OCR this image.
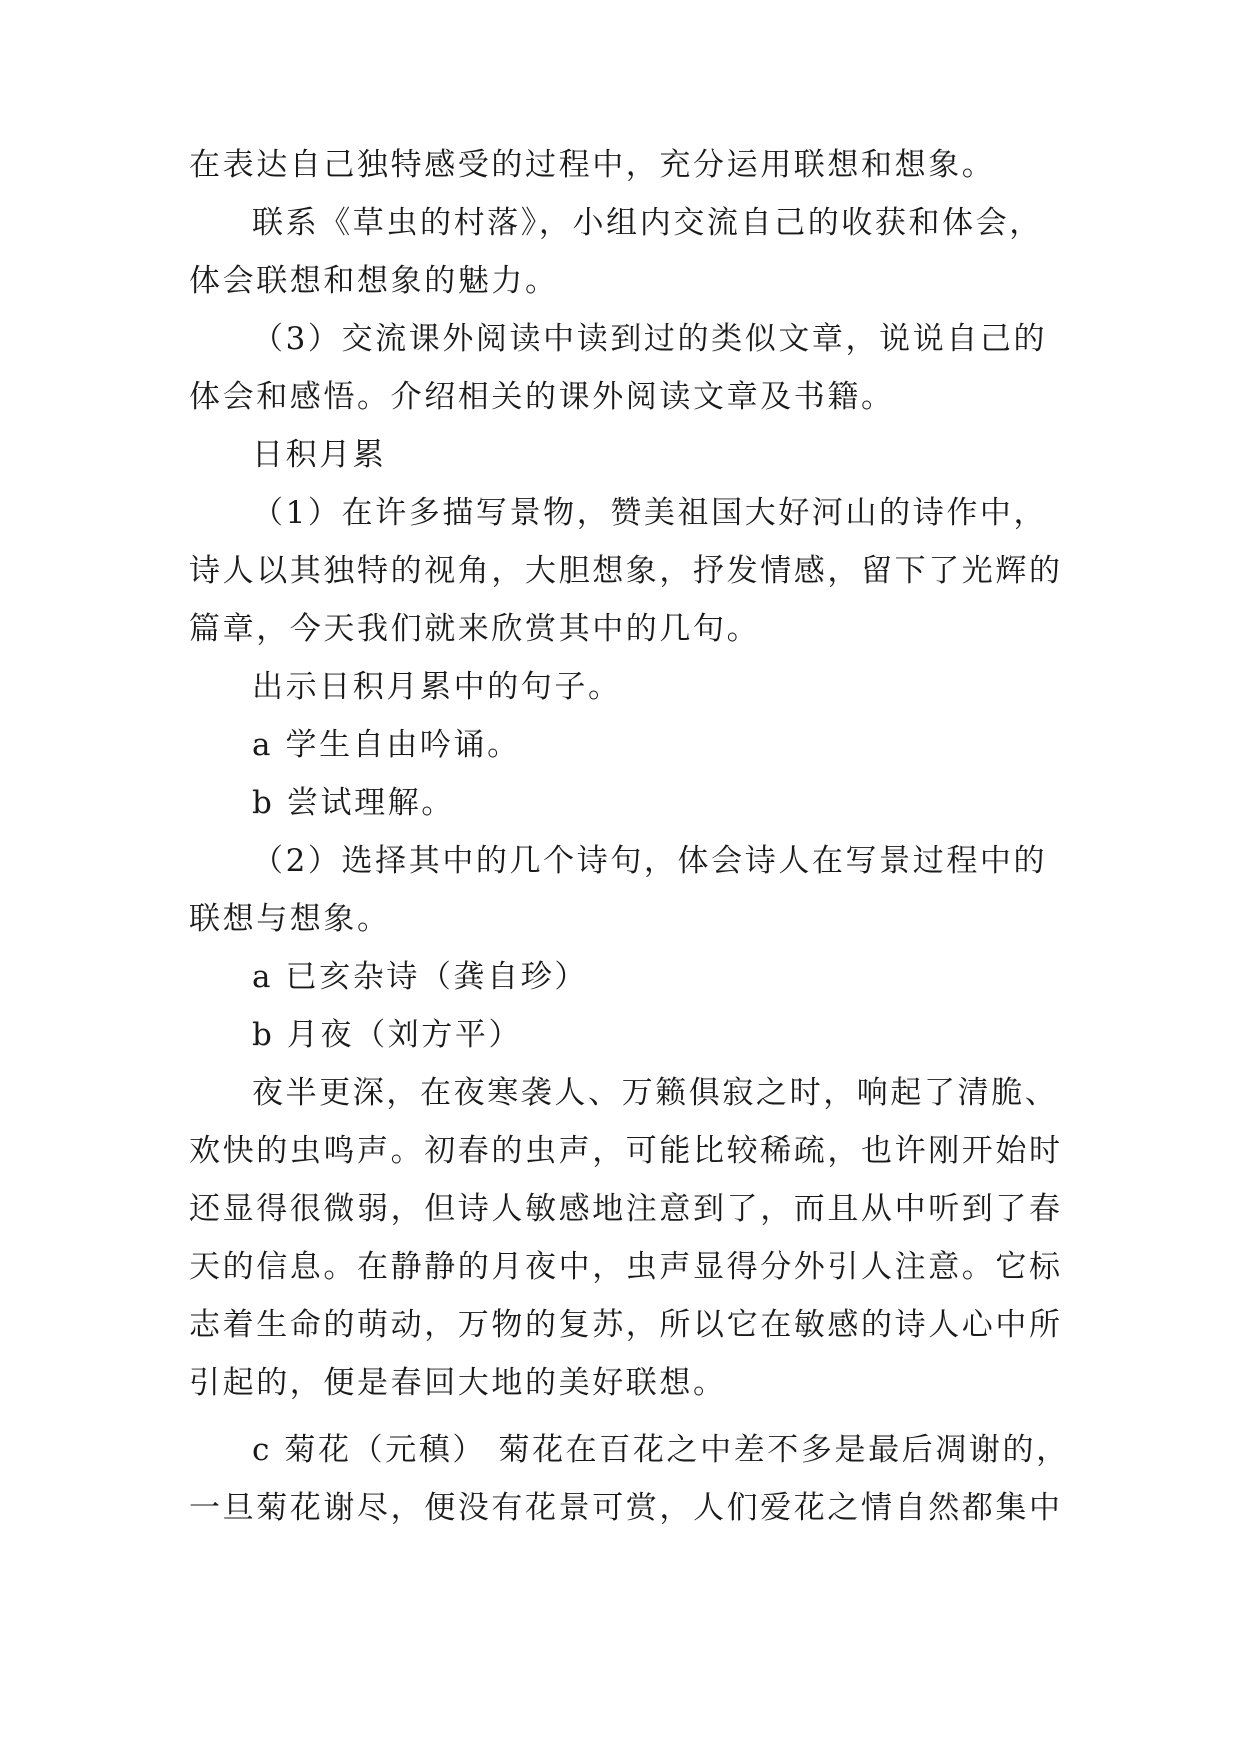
在表达自己独特感受的过程中，充分运用联想和想象。
联系《草虫的村落》，小组内交流自己的收获和体会，
体会联想和想象的魅力。
（3）交流课外阅读中读到过的类似文章，说说自己的
体会和感悟。介绍相关的课外阅读文章及书籍。
日积月累
（1）在许多描写景物，赞美祖国大好河山的诗作中，
诗人以其独特的视角，大胆想象，抒发情感，留下了光辉的
篇章，今天我们就来欣赏其中的几句。
出示日积月累中的句子。
a 学生自由吟诵。
b 尝试理解。
（2）选择其中的几个诗句，体会诗人在写景过程中的
联想与想象。
a 已亥杂诗（龚自珍）
b 月夜（刘方平）
夜半更深，在夜寒袭人、万籁俱寂之时，响起了清脆、
欢快的虫鸣声。初春的虫声，可能比较稀疏，也许刚开始时
还显得很微弱，但诗人敏感地注意到了，而且从中听到了春
天的信息。在静静的月夜中，虫声显得分外引人注意。它标
志着生命的萌动，万物的复苏，所以它在敏感的诗人心中所
引起的，便是春回大地的美好联想。
c 菊花（元稹） 菊花在百花之中差不多是最后凋谢的，
一旦菊花谢尽，便没有花景可赏，人们爱花之情自然都集中
